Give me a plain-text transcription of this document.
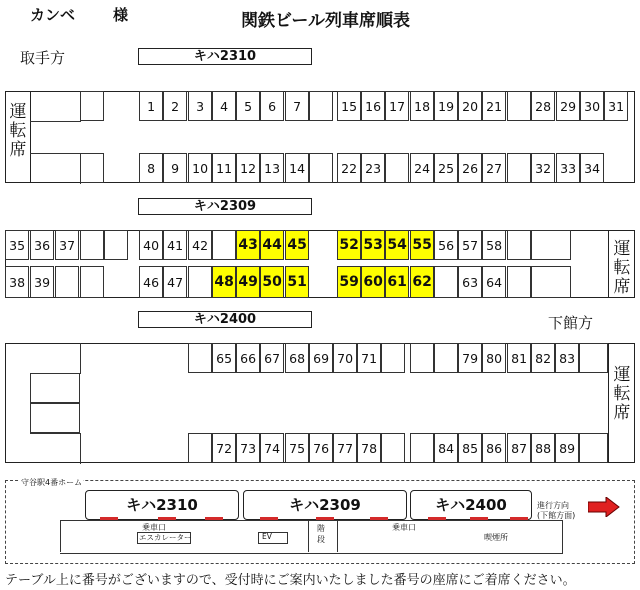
カンベ	様	関鉄ビール列車席順表
取手方
下館方
キハ2310
キハ2309
キハ2400
運
転
席
運
転
席
運
転
席
1	2	3	4	5	6	7	15 16 17 18 19 20 21	28 29 30 31
8	9	10 11 12 13 14	22 23	24 25 26 27	32 33 34
35 36 37	40 41 42 43 44 45 52 53 54 55 56 57 58
38 39	46 47 48 49 50 51 59 60 61 62	63 64
65 66 67 68 69 70 71	79 80 81 82 83
72 73 74 75 76 77 78	84 85 86 87 88 89
守谷駅4番ホーム
キハ2310	キハ2309	キハ2400	進行方向
(下館方面)
乗車口	乗車口
エスカレーター	EV
階
段	喫煙所
テーブル上に番号がございますので、受付時にご案内いたしました番号の座席にご着席ください。
